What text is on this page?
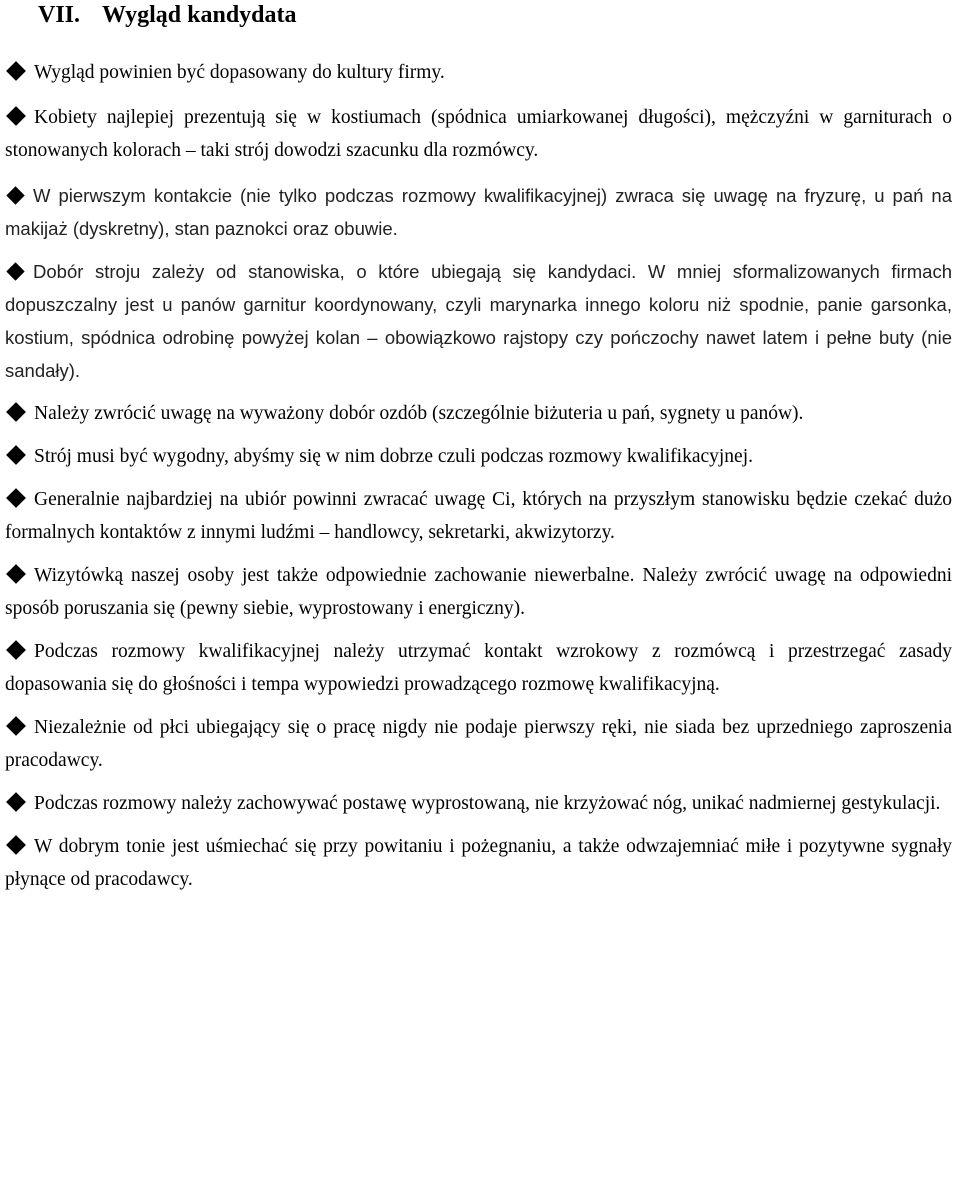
VII. Wygląd kandydata
Wygląd powinien być dopasowany do kultury firmy.
Kobiety najlepiej prezentują się w kostiumach (spódnica umiarkowanej długości), mężczyźni w garniturach o stonowanych kolorach – taki strój dowodzi szacunku dla rozmówcy.
W pierwszym kontakcie (nie tylko podczas rozmowy kwalifikacyjnej) zwraca się uwagę na fryzurę, u pań na makijaż (dyskretny), stan paznokci oraz obuwie.
Dobór stroju zależy od stanowiska, o które ubiegają się kandydaci. W mniej sformalizowanych firmach dopuszczalny jest u panów garnitur koordynowany, czyli marynarka innego koloru niż spodnie, panie garsonka, kostium, spódnica odrobinę powyżej kolan – obowiązkowo rajstopy czy pończochy nawet latem i pełne buty (nie sandały).
Należy zwrócić uwagę na wyważony dobór ozdób (szczególnie biżuteria u pań, sygnety u panów).
Strój musi być wygodny, abyśmy się w nim dobrze czuli podczas rozmowy kwalifikacyjnej.
Generalnie najbardziej na ubiór powinni zwracać uwagę Ci, których na przyszłym stanowisku będzie czekać dużo formalnych kontaktów z innymi ludźmi – handlowcy, sekretarki, akwizytorzy.
Wizytówką naszej osoby jest także odpowiednie zachowanie niewerbalne. Należy zwrócić uwagę na odpowiedni sposób poruszania się (pewny siebie, wyprostowany i energiczny).
Podczas rozmowy kwalifikacyjnej należy utrzymać kontakt wzrokowy z rozmówcą i przestrzegać zasady dopasowania się do głośności i tempa wypowiedzi prowadzącego rozmowę kwalifikacyjną.
Niezależnie od płci ubiegający się o pracę nigdy nie podaje pierwszy ręki, nie siada bez uprzedniego zaproszenia pracodawcy.
Podczas rozmowy należy zachowywać postawę wyprostowaną, nie krzyżować nóg, unikać nadmiernej gestykulacji.
W dobrym tonie jest uśmiechać się przy powitaniu i pożegnaniu, a także odwzajemniać miłe i pozytywne sygnały płynące od pracodawcy.
